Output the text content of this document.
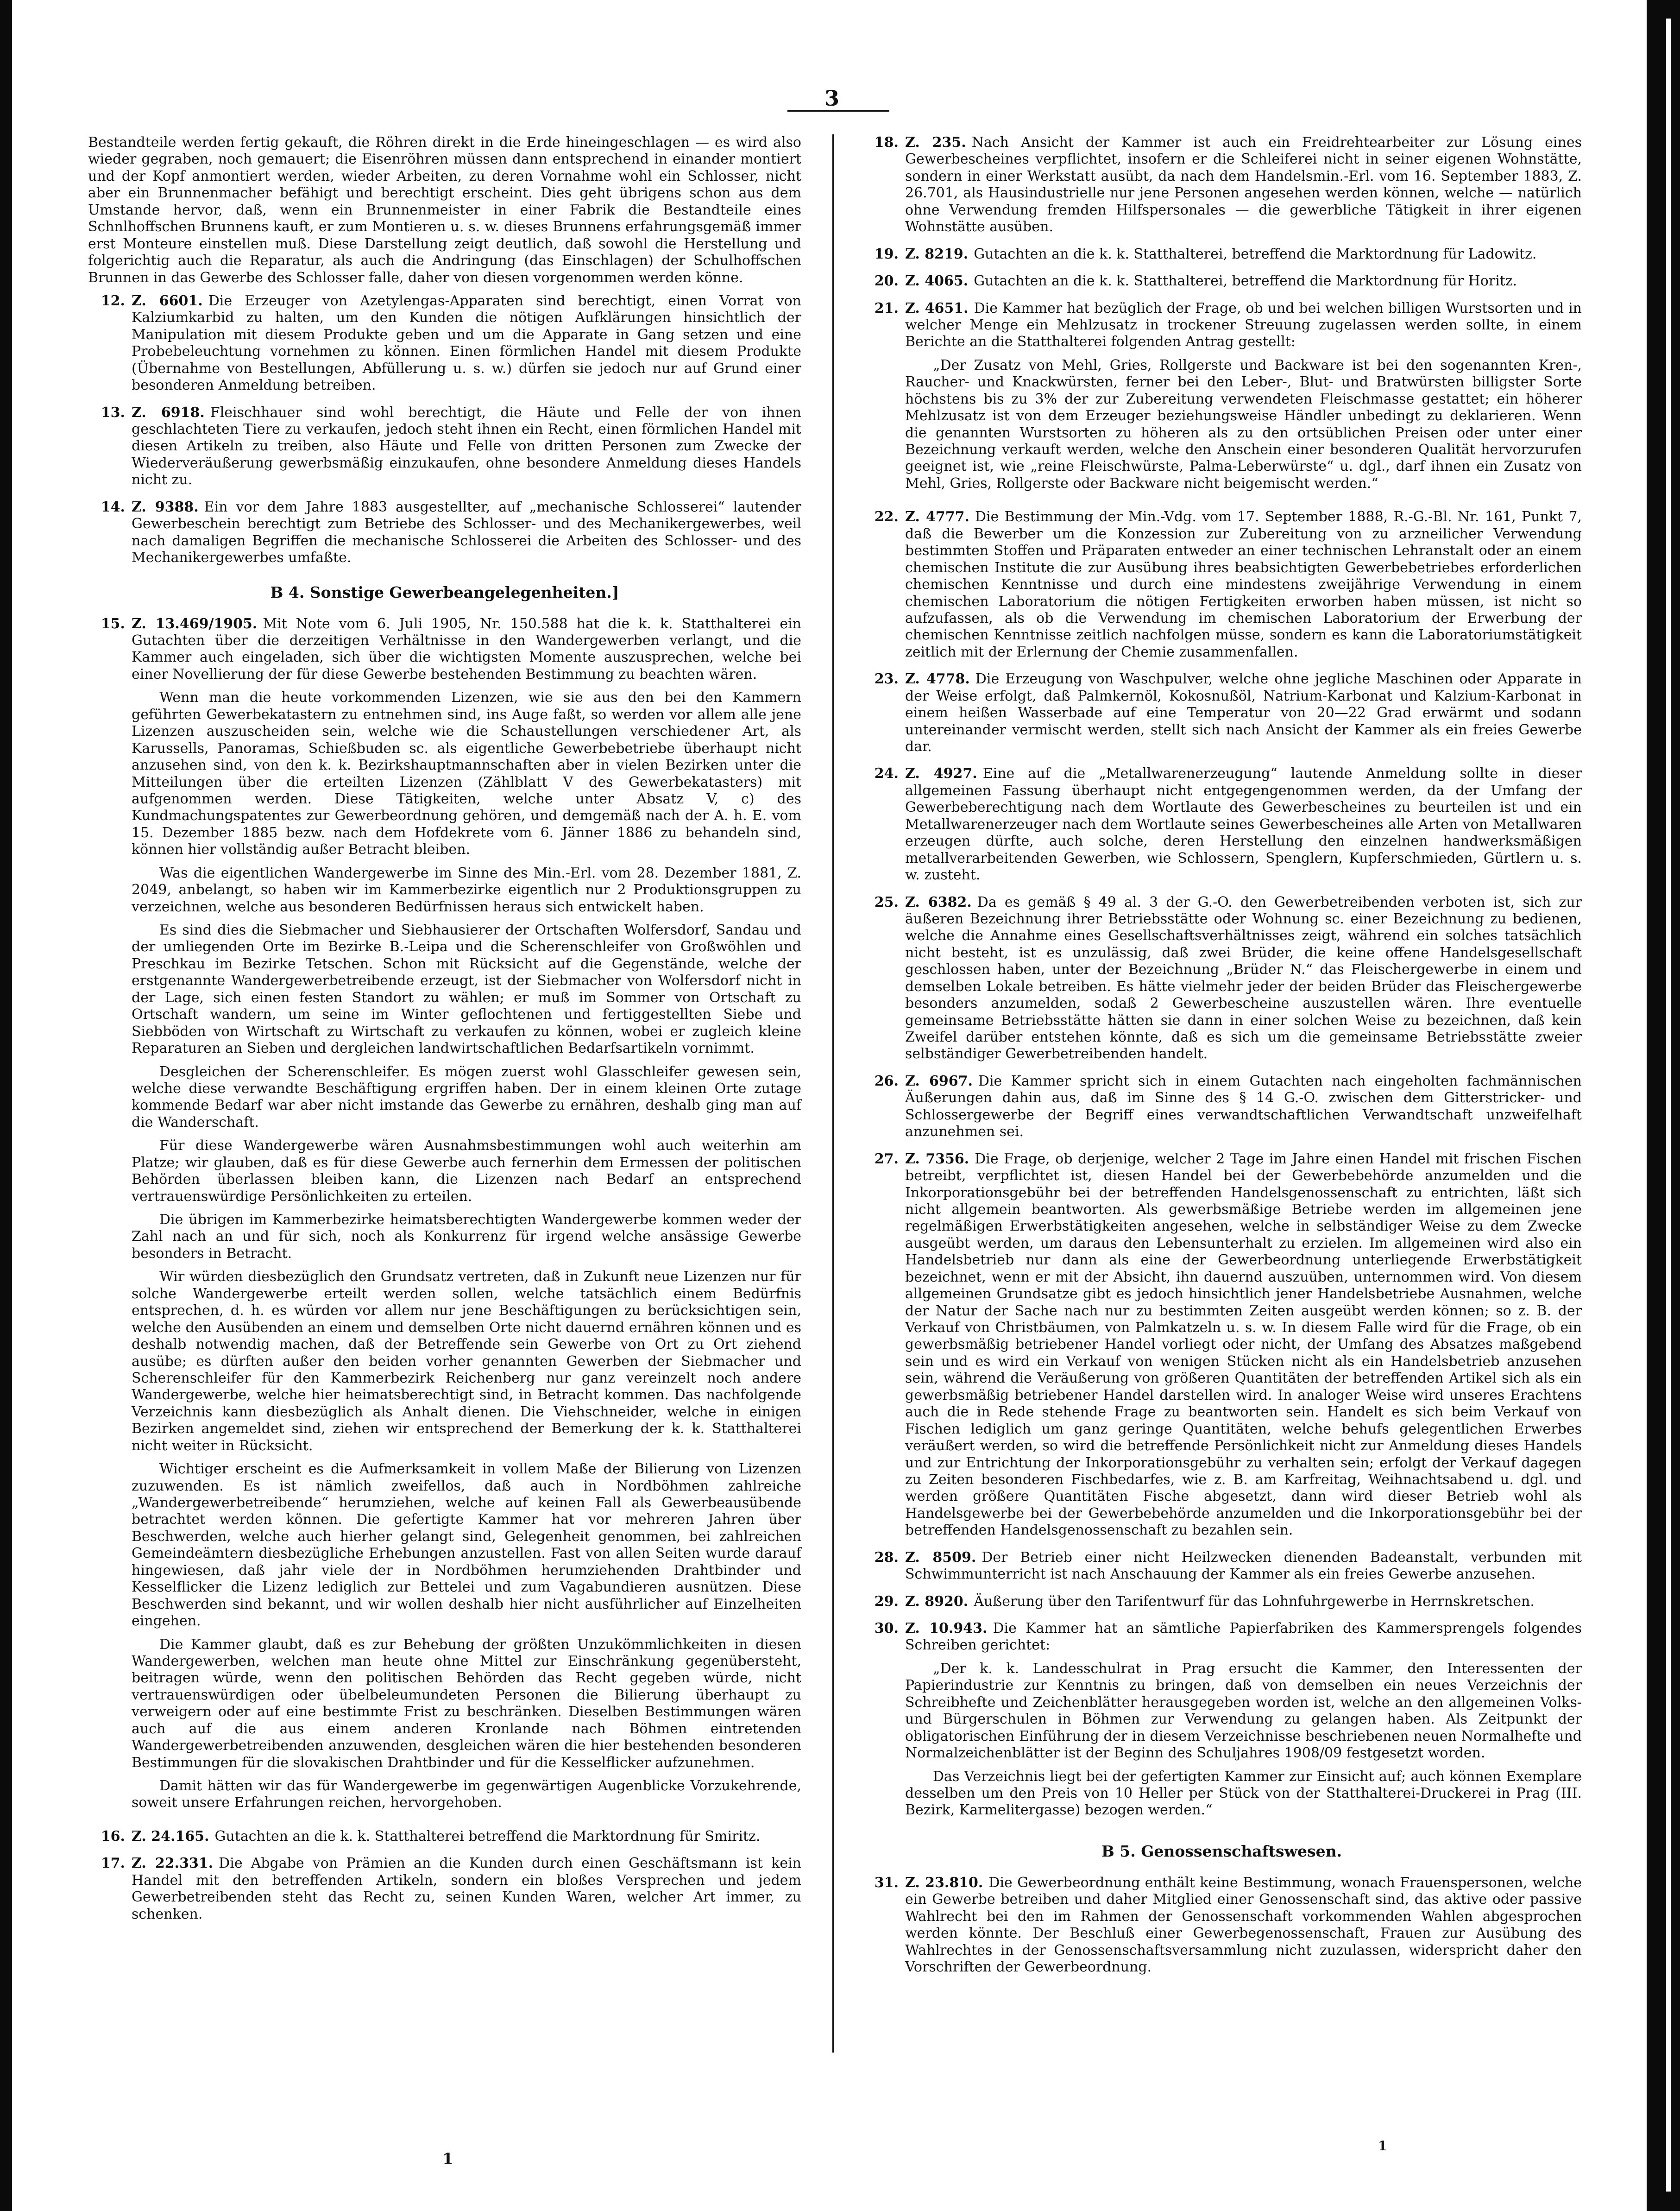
3

Bestandteile werden fertig gekauft, die Röhren direkt in die Erde hineingeschlagen — es wird also wieder gegraben, noch gemauert; die Eisenröhren müssen dann entsprechend in einander montiert und der Kopf anmontiert werden, wieder Arbeiten, zu deren Vornahme wohl ein Schlosser, nicht aber ein Brunnenmacher befähigt und berechtigt erscheint. Dies geht übrigens schon aus dem Umstande hervor, daß, wenn ein Brunnenmeister in einer Fabrik die Bestandteile eines Schnlhoffschen Brunnens kauft, er zum Montieren u. s. w. dieses Brunnens erfahrungsgemäß immer erst Monteure einstellen muß. Diese Darstellung zeigt deutlich, daß sowohl die Herstellung und folgerichtig auch die Reparatur, als auch die Andringung (das Einschlagen) der Schulhoffschen Brunnen in das Gewerbe des Schlosser falle, daher von diesen vorgenommen werden könne.

12. Z. 6601. Die Erzeuger von Azetylengas-Apparaten sind berechtigt, einen Vorrat von Kalziumkarbid zu halten, um den Kunden die nötigen Aufklärungen hinsichtlich der Manipulation mit diesem Produkte geben und um die Apparate in Gang setzen und eine Probebeleuchtung vornehmen zu können. Einen förmlichen Handel mit diesem Produkte (Übernahme von Bestellungen, Abfüllerung u. s. w.) dürfen sie jedoch nur auf Grund einer besonderen Anmeldung betreiben.
13. Z. 6918. Fleischhauer sind wohl berechtigt, die Häute und Felle der von ihnen geschlachteten Tiere zu verkaufen, jedoch steht ihnen ein Recht, einen förmlichen Handel mit diesen Artikeln zu treiben, also Häute und Felle von dritten Personen zum Zwecke der Wiederveräußerung gewerbsmäßig einzukaufen, ohne besondere Anmeldung dieses Handels nicht zu.
14. Z. 9388. Ein vor dem Jahre 1883 ausgestellter, auf „mechanische Schlosserei“ lautender Gewerbeschein berechtigt zum Betriebe des Schlosser- und des Mechanikergewerbes, weil nach damaligen Begriffen die mechanische Schlosserei die Arbeiten des Schlosser- und des Mechanikergewerbes umfaßte.
B 4. Sonstige Gewerbeangelegenheiten.]
15. Z. 13.469/1905. Mit Note vom 6. Juli 1905, Nr. 150.588 hat die k. k. Statthalterei ein Gutachten über die derzeitigen Verhältnisse in den Wandergewerben verlangt, und die Kammer auch eingeladen, sich über die wichtigsten Momente auszusprechen, welche bei einer Novellierung der für diese Gewerbe bestehenden Bestimmung zu beachten wären.

Wenn man die heute vorkommenden Lizenzen, wie sie aus den bei den Kammern geführten Gewerbekatastern zu entnehmen sind, ins Auge faßt, so werden vor allem alle jene Lizenzen auszuscheiden sein, welche wie die Schaustellungen verschiedener Art, als Karussells, Panoramas, Schießbuden sc. als eigentliche Gewerbebetriebe überhaupt nicht anzusehen sind, von den k. k. Bezirkshauptmannschaften aber in vielen Bezirken unter die Mitteilungen über die erteilten Lizenzen (Zählblatt V des Gewerbekatasters) mit aufgenommen werden. Diese Tätigkeiten, welche unter Absatz V, c) des Kundmachungspatentes zur Gewerbeordnung gehören, und demgemäß nach der A. h. E. vom 15. Dezember 1885 bezw. nach dem Hofdekrete vom 6. Jänner 1886 zu behandeln sind, können hier vollständig außer Betracht bleiben.

Was die eigentlichen Wandergewerbe im Sinne des Min.-Erl. vom 28. Dezember 1881, Z. 2049, anbelangt, so haben wir im Kammerbezirke eigentlich nur 2 Produktionsgruppen zu verzeichnen, welche aus besonderen Bedürfnissen heraus sich entwickelt haben.

Es sind dies die Siebmacher und Siebhausierer der Ortschaften Wolfersdorf, Sandau und der umliegenden Orte im Bezirke B.-Leipa und die Scherenschleifer von Großwöhlen und Preschkau im Bezirke Tetschen. Schon mit Rücksicht auf die Gegenstände, welche der erstgenannte Wandergewerbetreibende erzeugt, ist der Siebmacher von Wolfersdorf nicht in der Lage, sich einen festen Standort zu wählen; er muß im Sommer von Ortschaft zu Ortschaft wandern, um seine im Winter geflochtenen und fertiggestellten Siebe und Siebböden von Wirtschaft zu Wirtschaft zu verkaufen zu können, wobei er zugleich kleine Reparaturen an Sieben und dergleichen landwirtschaftlichen Bedarfsartikeln vornimmt.

Desgleichen der Scherenschleifer. Es mögen zuerst wohl Glasschleifer gewesen sein, welche diese verwandte Beschäftigung ergriffen haben. Der in einem kleinen Orte zutage kommende Bedarf war aber nicht imstande das Gewerbe zu ernähren, deshalb ging man auf die Wanderschaft.

Für diese Wandergewerbe wären Ausnahmsbestimmungen wohl auch weiterhin am Platze; wir glauben, daß es für diese Gewerbe auch fernerhin dem Ermessen der politischen Behörden überlassen bleiben kann, die Lizenzen nach Bedarf an entsprechend vertrauenswürdige Persönlichkeiten zu erteilen.

Die übrigen im Kammerbezirke heimatsberechtigten Wandergewerbe kommen weder der Zahl nach an und für sich, noch als Konkurrenz für irgend welche ansässige Gewerbe besonders in Betracht.

Wir würden diesbezüglich den Grundsatz vertreten, daß in Zukunft neue Lizenzen nur für solche Wandergewerbe erteilt werden sollen, welche tatsächlich einem Bedürfnis entsprechen, d. h. es würden vor allem nur jene Beschäftigungen zu berücksichtigen sein, welche den Ausübenden an einem und demselben Orte nicht dauernd ernähren können und es deshalb notwendig machen, daß der Betreffende sein Gewerbe von Ort zu Ort ziehend ausübe; es dürften außer den beiden vorher genannten Gewerben der Siebmacher und Scherenschleifer für den Kammerbezirk Reichenberg nur ganz vereinzelt noch andere Wandergewerbe, welche hier heimatsberechtigt sind, in Betracht kommen. Das nachfolgende Verzeichnis kann diesbezüglich als Anhalt dienen. Die Viehschneider, welche in einigen Bezirken angemeldet sind, ziehen wir entsprechend der Bemerkung der k. k. Statthalterei nicht weiter in Rücksicht.

Wichtiger erscheint es die Aufmerksamkeit in vollem Maße der Bilierung von Lizenzen zuzuwenden. Es ist nämlich zweifellos, daß auch in Nordböhmen zahlreiche „Wandergewerbetreibende“ herumziehen, welche auf keinen Fall als Gewerbeausübende betrachtet werden können. Die gefertigte Kammer hat vor mehreren Jahren über Beschwerden, welche auch hierher gelangt sind, Gelegenheit genommen, bei zahlreichen Gemeindeämtern diesbezügliche Erhebungen anzustellen. Fast von allen Seiten wurde darauf hingewiesen, daß jahr viele der in Nordböhmen herumziehenden Drahtbinder und Kesselflicker die Lizenz lediglich zur Bettelei und zum Vagabundieren ausnützen. Diese Beschwerden sind bekannt, und wir wollen deshalb hier nicht ausführlicher auf Einzelheiten eingehen.

Die Kammer glaubt, daß es zur Behebung der größten Unzukömmlichkeiten in diesen Wandergewerben, welchen man heute ohne Mittel zur Einschränkung gegenübersteht, beitragen würde, wenn den politischen Behörden das Recht gegeben würde, nicht vertrauenswürdigen oder übelbeleumundeten Personen die Bilierung überhaupt zu verweigern oder auf eine bestimmte Frist zu beschränken. Dieselben Bestimmungen wären auch auf die aus einem anderen Kronlande nach Böhmen eintretenden Wandergewerbetreibenden anzuwenden, desgleichen wären die hier bestehenden besonderen Bestimmungen für die slovakischen Drahtbinder und für die Kesselflicker aufzunehmen.

Damit hätten wir das für Wandergewerbe im gegenwärtigen Augenblicke Vorzukehrende, soweit unsere Erfahrungen reichen, hervorgehoben.

16. Z. 24.165. Gutachten an die k. k. Statthalterei betreffend die Marktordnung für Smiritz.
17. Z. 22.331. Die Abgabe von Prämien an die Kunden durch einen Geschäftsmann ist kein Handel mit den betreffenden Artikeln, sondern ein bloßes Versprechen und jedem Gewerbetreibenden steht das Recht zu, seinen Kunden Waren, welcher Art immer, zu schenken.
18. Z. 235. Nach Ansicht der Kammer ist auch ein Freidrehtearbeiter zur Lösung eines Gewerbescheines verpflichtet, insofern er die Schleiferei nicht in seiner eigenen Wohnstätte, sondern in einer Werkstatt ausübt, da nach dem Handelsmin.-Erl. vom 16. September 1883, Z. 26.701, als Hausindustrielle nur jene Personen angesehen werden können, welche — natürlich ohne Verwendung fremden Hilfspersonales — die gewerbliche Tätigkeit in ihrer eigenen Wohnstätte ausüben.
19. Z. 8219. Gutachten an die k. k. Statthalterei, betreffend die Marktordnung für Ladowitz.
20. Z. 4065. Gutachten an die k. k. Statthalterei, betreffend die Marktordnung für Horitz.
21. Z. 4651. Die Kammer hat bezüglich der Frage, ob und bei welchen billigen Wurstsorten und in welcher Menge ein Mehlzusatz in trockener Streuung zugelassen werden sollte, in einem Berichte an die Statthalterei folgenden Antrag gestellt:

„Der Zusatz von Mehl, Gries, Rollgerste und Backware ist bei den sogenannten Kren-, Raucher- und Knackwürsten, ferner bei den Leber-, Blut- und Bratwürsten billigster Sorte höchstens bis zu 3% der zur Zubereitung verwendeten Fleischmasse gestattet; ein höherer Mehlzusatz ist von dem Erzeuger beziehungsweise Händler unbedingt zu deklarieren. Wenn die genannten Wurstsorten zu höheren als zu den ortsüblichen Preisen oder unter einer Bezeichnung verkauft werden, welche den Anschein einer besonderen Qualität hervorzurufen geeignet ist, wie „reine Fleischwürste, Palma-Leberwürste“ u. dgl., darf ihnen ein Zusatz von Mehl, Gries, Rollgerste oder Backware nicht beigemischt werden.“

22. Z. 4777. Die Bestimmung der Min.-Vdg. vom 17. September 1888, R.-G.-Bl. Nr. 161, Punkt 7, daß die Bewerber um die Konzession zur Zubereitung von zu arzneilicher Verwendung bestimmten Stoffen und Präparaten entweder an einer technischen Lehranstalt oder an einem chemischen Institute die zur Ausübung ihres beabsichtigten Gewerbebetriebes erforderlichen chemischen Kenntnisse und durch eine mindestens zweijährige Verwendung in einem chemischen Laboratorium die nötigen Fertigkeiten erworben haben müssen, ist nicht so aufzufassen, als ob die Verwendung im chemischen Laboratorium der Erwerbung der chemischen Kenntnisse zeitlich nachfolgen müsse, sondern es kann die Laboratoriumstätigkeit zeitlich mit der Erlernung der Chemie zusammenfallen.
23. Z. 4778. Die Erzeugung von Waschpulver, welche ohne jegliche Maschinen oder Apparate in der Weise erfolgt, daß Palmkernöl, Kokosnußöl, Natrium-Karbonat und Kalzium-Karbonat in einem heißen Wasserbade auf eine Temperatur von 20—22 Grad erwärmt und sodann untereinander vermischt werden, stellt sich nach Ansicht der Kammer als ein freies Gewerbe dar.
24. Z. 4927. Eine auf die „Metallwarenerzeugung“ lautende Anmeldung sollte in dieser allgemeinen Fassung überhaupt nicht entgegengenommen werden, da der Umfang der Gewerbeberechtigung nach dem Wortlaute des Gewerbescheines zu beurteilen ist und ein Metallwarenerzeuger nach dem Wortlaute seines Gewerbescheines alle Arten von Metallwaren erzeugen dürfte, auch solche, deren Herstellung den einzelnen handwerksmäßigen metallverarbeitenden Gewerben, wie Schlossern, Spenglern, Kupferschmieden, Gürtlern u. s. w. zusteht.
25. Z. 6382. Da es gemäß § 49 al. 3 der G.-O. den Gewerbetreibenden verboten ist, sich zur äußeren Bezeichnung ihrer Betriebsstätte oder Wohnung sc. einer Bezeichnung zu bedienen, welche die Annahme eines Gesellschaftsverhältnisses zeigt, während ein solches tatsächlich nicht besteht, ist es unzulässig, daß zwei Brüder, die keine offene Handelsgesellschaft geschlossen haben, unter der Bezeichnung „Brüder N.“ das Fleischergewerbe in einem und demselben Lokale betreiben. Es hätte vielmehr jeder der beiden Brüder das Fleischergewerbe besonders anzumelden, sodaß 2 Gewerbescheine auszustellen wären. Ihre eventuelle gemeinsame Betriebsstätte hätten sie dann in einer solchen Weise zu bezeichnen, daß kein Zweifel darüber entstehen könnte, daß es sich um die gemeinsame Betriebsstätte zweier selbständiger Gewerbetreibenden handelt.
26. Z. 6967. Die Kammer spricht sich in einem Gutachten nach eingeholten fachmännischen Äußerungen dahin aus, daß im Sinne des § 14 G.-O. zwischen dem Gitterstricker- und Schlossergewerbe der Begriff eines verwandtschaftlichen Verwandtschaft unzweifelhaft anzunehmen sei.
27. Z. 7356. Die Frage, ob derjenige, welcher 2 Tage im Jahre einen Handel mit frischen Fischen betreibt, verpflichtet ist, diesen Handel bei der Gewerbebehörde anzumelden und die Inkorporationsgebühr bei der betreffenden Handelsgenossenschaft zu entrichten, läßt sich nicht allgemein beantworten. Als gewerbsmäßige Betriebe werden im allgemeinen jene regelmäßigen Erwerbstätigkeiten angesehen, welche in selbständiger Weise zu dem Zwecke ausgeübt werden, um daraus den Lebensunterhalt zu erzielen. Im allgemeinen wird also ein Handelsbetrieb nur dann als eine der Gewerbeordnung unterliegende Erwerbstätigkeit bezeichnet, wenn er mit der Absicht, ihn dauernd auszuüben, unternommen wird. Von diesem allgemeinen Grundsatze gibt es jedoch hinsichtlich jener Handelsbetriebe Ausnahmen, welche der Natur der Sache nach nur zu bestimmten Zeiten ausgeübt werden können; so z. B. der Verkauf von Christbäumen, von Palmkatzeln u. s. w. In diesem Falle wird für die Frage, ob ein gewerbsmäßig betriebener Handel vorliegt oder nicht, der Umfang des Absatzes maßgebend sein und es wird ein Verkauf von wenigen Stücken nicht als ein Handelsbetrieb anzusehen sein, während die Veräußerung von größeren Quantitäten der betreffenden Artikel sich als ein gewerbsmäßig betriebener Handel darstellen wird. In analoger Weise wird unseres Erachtens auch die in Rede stehende Frage zu beantworten sein. Handelt es sich beim Verkauf von Fischen lediglich um ganz geringe Quantitäten, welche behufs gelegentlichen Erwerbes veräußert werden, so wird die betreffende Persönlichkeit nicht zur Anmeldung dieses Handels und zur Entrichtung der Inkorporationsgebühr zu verhalten sein; erfolgt der Verkauf dagegen zu Zeiten besonderen Fischbedarfes, wie z. B. am Karfreitag, Weihnachtsabend u. dgl. und werden größere Quantitäten Fische abgesetzt, dann wird dieser Betrieb wohl als Handelsgewerbe bei der Gewerbebehörde anzumelden und die Inkorporationsgebühr bei der betreffenden Handelsgenossenschaft zu bezahlen sein.
28. Z. 8509. Der Betrieb einer nicht Heilzwecken dienenden Badeanstalt, verbunden mit Schwimmunterricht ist nach Anschauung der Kammer als ein freies Gewerbe anzusehen.
29. Z. 8920. Äußerung über den Tarifentwurf für das Lohnfuhrgewerbe in Herrnskretschen.
30. Z. 10.943. Die Kammer hat an sämtliche Papierfabriken des Kammersprengels folgendes Schreiben gerichtet:

„Der k. k. Landesschulrat in Prag ersucht die Kammer, den Interessenten der Papierindustrie zur Kenntnis zu bringen, daß von demselben ein neues Verzeichnis der Schreibhefte und Zeichenblätter herausgegeben worden ist, welche an den allgemeinen Volks- und Bürgerschulen in Böhmen zur Verwendung zu gelangen haben. Als Zeitpunkt der obligatorischen Einführung der in diesem Verzeichnisse beschriebenen neuen Normalhefte und Normalzeichenblätter ist der Beginn des Schuljahres 1908/09 festgesetzt worden.

Das Verzeichnis liegt bei der gefertigten Kammer zur Einsicht auf; auch können Exemplare desselben um den Preis von 10 Heller per Stück von der Statthalterei-Druckerei in Prag (III. Bezirk, Karmelitergasse) bezogen werden.“

B 5. Genossenschaftswesen.
31. Z. 23.810. Die Gewerbeordnung enthält keine Bestimmung, wonach Frauenspersonen, welche ein Gewerbe betreiben und daher Mitglied einer Genossenschaft sind, das aktive oder passive Wahlrecht bei den im Rahmen der Genossenschaft vorkommenden Wahlen abgesprochen werden könnte. Der Beschluß einer Gewerbegenossenschaft, Frauen zur Ausübung des Wahlrechtes in der Genossenschaftsversammlung nicht zuzulassen, widerspricht daher den Vorschriften der Gewerbeordnung.
1
1
